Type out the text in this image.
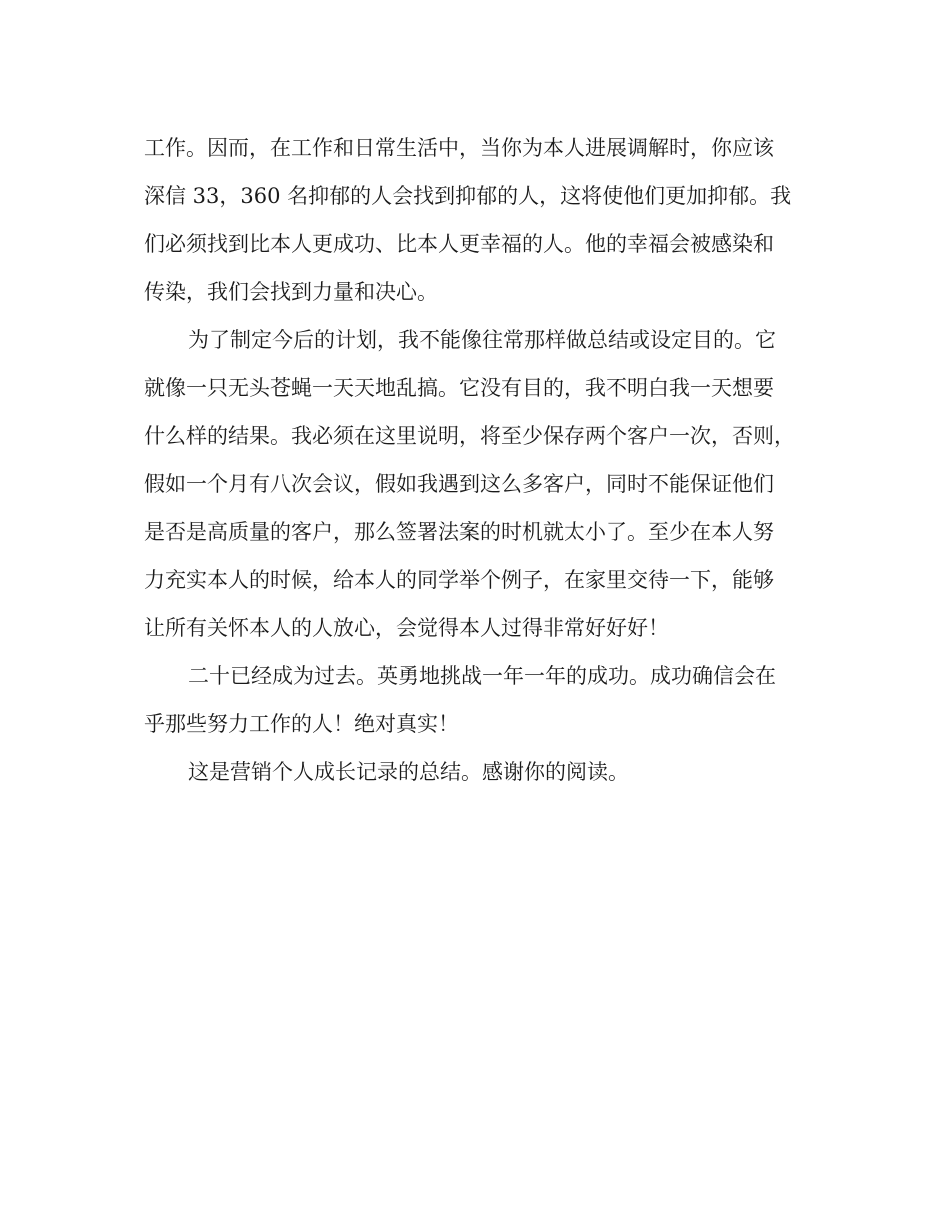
工作。因而，在工作和日常生活中，当你为本人进展调解时，你应该
深信 33，360 名抑郁的人会找到抑郁的人，这将使他们更加抑郁。我
们必须找到比本人更成功、比本人更幸福的人。他的幸福会被感染和
传染，我们会找到力量和决心。
为了制定今后的计划，我不能像往常那样做总结或设定目的。它
就像一只无头苍蝇一天天地乱搞。它没有目的，我不明白我一天想要
什么样的结果。我必须在这里说明，将至少保存两个客户一次，否则，
假如一个月有八次会议，假如我遇到这么多客户，同时不能保证他们
是否是高质量的客户，那么签署法案的时机就太小了。至少在本人努
力充实本人的时候，给本人的同学举个例子，在家里交待一下，能够
让所有关怀本人的人放心，会觉得本人过得非常好好好！
二十已经成为过去。英勇地挑战一年一年的成功。成功确信会在
乎那些努力工作的人！绝对真实！
这是营销个人成长记录的总结。感谢你的阅读。
